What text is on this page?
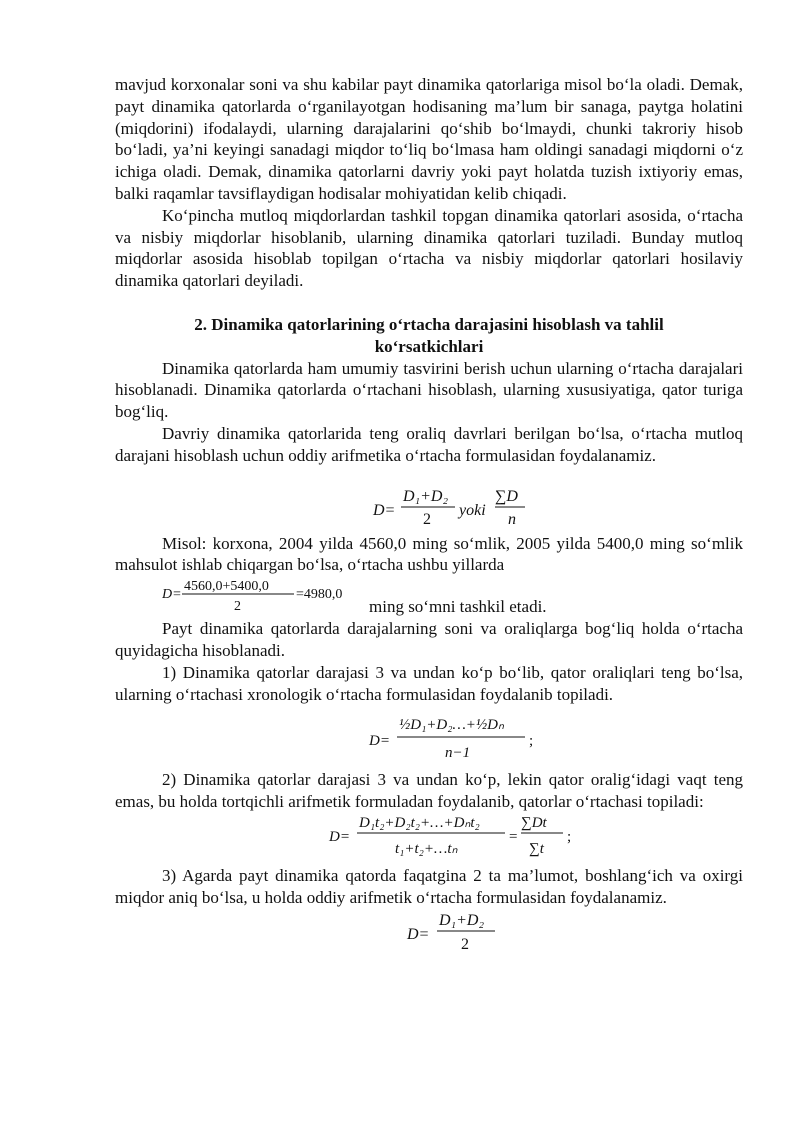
mavjud korxonalar soni va shu kabilar payt dinamika qatorlariga misol bo‘la oladi. Demak, payt dinamika qatorlarda o‘rganilayotgan hodisaning ma’lum bir sanaga, paytga holatini (miqdorini) ifodalaydi, ularning darajalarini qo‘shib bo‘lmaydi, chunki takroriy hisob bo‘ladi, ya’ni keyingi sanadagi miqdor to‘liq bo‘lmasa ham oldingi sanadagi miqdorni o‘z ichiga oladi. Demak, dinamika qatorlarni davriy yoki payt holatda tuzish ixtiyoriy emas, balki raqamlar tavsiflaydigan hodisalar mohiyatidan kelib chiqadi.

Ko‘pincha mutloq miqdorlardan tashkil topgan dinamika qatorlari asosida, o‘rtacha va nisbiy miqdorlar hisoblanib, ularning dinamika qatorlari tuziladi. Bunday mutloq miqdorlar asosida hisoblab topilgan o‘rtacha va nisbiy miqdorlar qatorlari hosilaviy dinamika qatorlari deyiladi.

2. Dinamika qatorlarining o‘rtacha darajasini hisoblash va tahlil ko‘rsatkichlari

Dinamika qatorlarda ham umumiy tasvirini berish uchun ularning o‘rtacha darajalari hisoblanadi. Dinamika qatorlarda o‘rtachani hisoblash, ularning xususiyatiga, qator turiga bog‘liq.

Davriy dinamika qatorlarida teng oraliq davrlari berilgan bo‘lsa, o‘rtacha mutloq darajani hisoblash uchun oddiy arifmetika o‘rtacha formulasidan foydalanamiz.

D=
D₁+D₂
2
yoki
∑D
n

Misol: korxona, 2004 yilda 4560,0 ming so‘mlik, 2005 yilda 5400,0 ming so‘mlik mahsulot ishlab chiqargan bo‘lsa, o‘rtacha ushbu yillarda

D=
4560,0+5400,0
2
=4980,0
ming so‘mni tashkil etadi.

Payt dinamika qatorlarda darajalarning soni va oraliqlarga bog‘liq holda o‘rtacha quyidagicha hisoblanadi.

1) Dinamika qatorlar darajasi 3 va undan ko‘p bo‘lib, qator oraliqlari teng bo‘lsa, ularning o‘rtachasi xronologik o‘rtacha formulasidan foydalanib topiladi.

D=
½D₁+D₂…+½Dₙ
n−1
;

2) Dinamika qatorlar darajasi 3 va undan ko‘p, lekin qator oralig‘idagi vaqt teng emas, bu holda tortqichli arifmetik formuladan foydalanib, qatorlar o‘rtachasi topiladi:

D=
D₁t₂+D₂t₂+…+Dₙt₂
t₁+t₂+…tₙ
=
∑Dt
∑t
;

3) Agarda payt dinamika qatorda faqatgina 2 ta ma’lumot, boshlang‘ich va oxirgi miqdor aniq bo‘lsa, u holda oddiy arifmetik o‘rtacha formulasidan foydalanamiz.

D=
D₁+D₂
2
